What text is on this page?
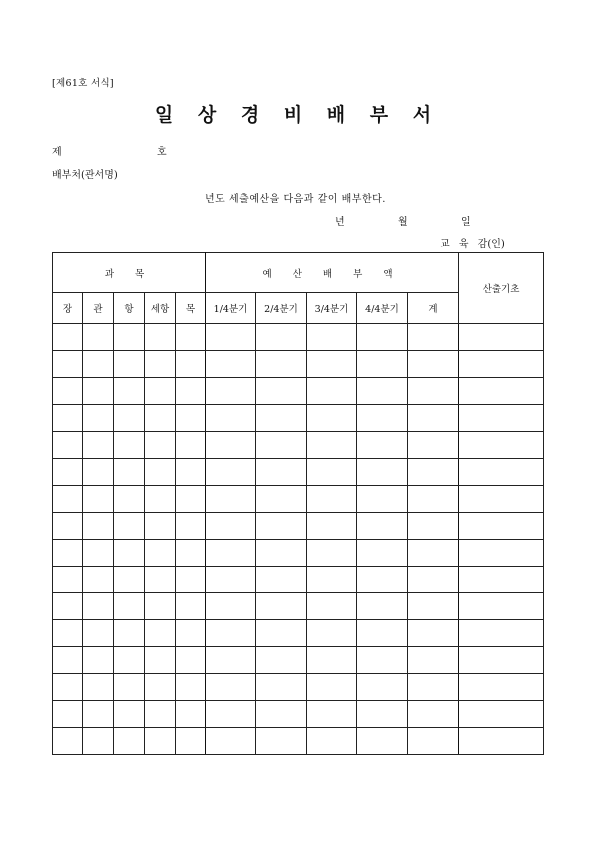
[제61호 서식]
일 상 경 비 배 부 서
제	호
배부처(관서명)
년도 세출예산을 다음과 같이 배부한다.
년	월	일
교 육 감(인)
과 목					예 산 배 부 액					산출기초
장	관	항	세항	목	1/4분기	2/4분기	3/4분기	4/4분기	계	
